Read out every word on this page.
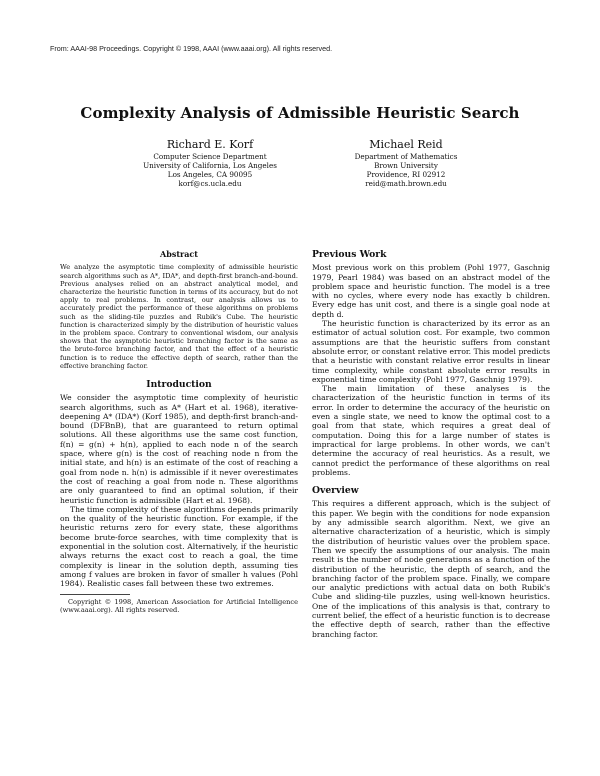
From: AAAI-98 Proceedings. Copyright © 1998, AAAI (www.aaai.org). All rights reserved.
Complexity Analysis of Admissible Heuristic Search
Richard E. Korf
Computer Science Department
University of California, Los Angeles
Los Angeles, CA 90095
korf@cs.ucla.edu
Michael Reid
Department of Mathematics
Brown University
Providence, RI 02912
reid@math.brown.edu
Abstract

We analyze the asymptotic time complexity of admissible heuristic search algorithms such as A*, IDA*, and depth-first branch-and-bound. Previous analyses relied on an abstract analytical model, and characterize the heuristic function in terms of its accuracy, but do not apply to real problems. In contrast, our analysis allows us to accurately predict the performance of these algorithms on problems such as the sliding-tile puzzles and Rubik's Cube. The heuristic function is characterized simply by the distribution of heuristic values in the problem space. Contrary to conventional wisdom, our analysis shows that the asymptotic heuristic branching factor is the same as the brute-force branching factor, and that the effect of a heuristic function is to reduce the effective depth of search, rather than the effective branching factor.

Introduction

We consider the asymptotic time complexity of heuristic search algorithms, such as A* (Hart et al. 1968), iterative-deepening A* (IDA*) (Korf 1985), and depth-first branch-and-bound (DFBnB), that are guaranteed to return optimal solutions. All these algorithms use the same cost function, f(n) = g(n) + h(n), applied to each node n of the search space, where g(n) is the cost of reaching node n from the initial state, and h(n) is an estimate of the cost of reaching a goal from node n. h(n) is admissible if it never overestimates the cost of reaching a goal from node n. These algorithms are only guaranteed to find an optimal solution, if their heuristic function is admissible (Hart et al. 1968).

The time complexity of these algorithms depends primarily on the quality of the heuristic function. For example, if the heuristic returns zero for every state, these algorithms become brute-force searches, with time complexity that is exponential in the solution cost. Alternatively, if the heuristic always returns the exact cost to reach a goal, the time complexity is linear in the solution depth, assuming ties among f values are broken in favor of smaller h values (Pohl 1984). Realistic cases fall between these two extremes.

Copyright © 1998, American Association for Artificial Intelligence (www.aaai.org). All rights reserved.

Previous Work

Most previous work on this problem (Pohl 1977, Gaschnig 1979, Pearl 1984) was based on an abstract model of the problem space and heuristic function. The model is a tree with no cycles, where every node has exactly b children. Every edge has unit cost, and there is a single goal node at depth d.

The heuristic function is characterized by its error as an estimator of actual solution cost. For example, two common assumptions are that the heuristic suffers from constant absolute error, or constant relative error. This model predicts that a heuristic with constant relative error results in linear time complexity, while constant absolute error results in exponential time complexity (Pohl 1977, Gaschnig 1979).

The main limitation of these analyses is the characterization of the heuristic function in terms of its error. In order to determine the accuracy of the heuristic on even a single state, we need to know the optimal cost to a goal from that state, which requires a great deal of computation. Doing this for a large number of states is impractical for large problems. In other words, we can't determine the accuracy of real heuristics. As a result, we cannot predict the performance of these algorithms on real problems.

Overview

This requires a different approach, which is the subject of this paper. We begin with the conditions for node expansion by any admissible search algorithm. Next, we give an alternative characterization of a heuristic, which is simply the distribution of heuristic values over the problem space. Then we specify the assumptions of our analysis. The main result is the number of node generations as a function of the distribution of the heuristic, the depth of search, and the branching factor of the problem space. Finally, we compare our analytic predictions with actual data on both Rubik's Cube and sliding-tile puzzles, using well-known heuristics. One of the implications of this analysis is that, contrary to current belief, the effect of a heuristic function is to decrease the effective depth of search, rather than the effective branching factor.
